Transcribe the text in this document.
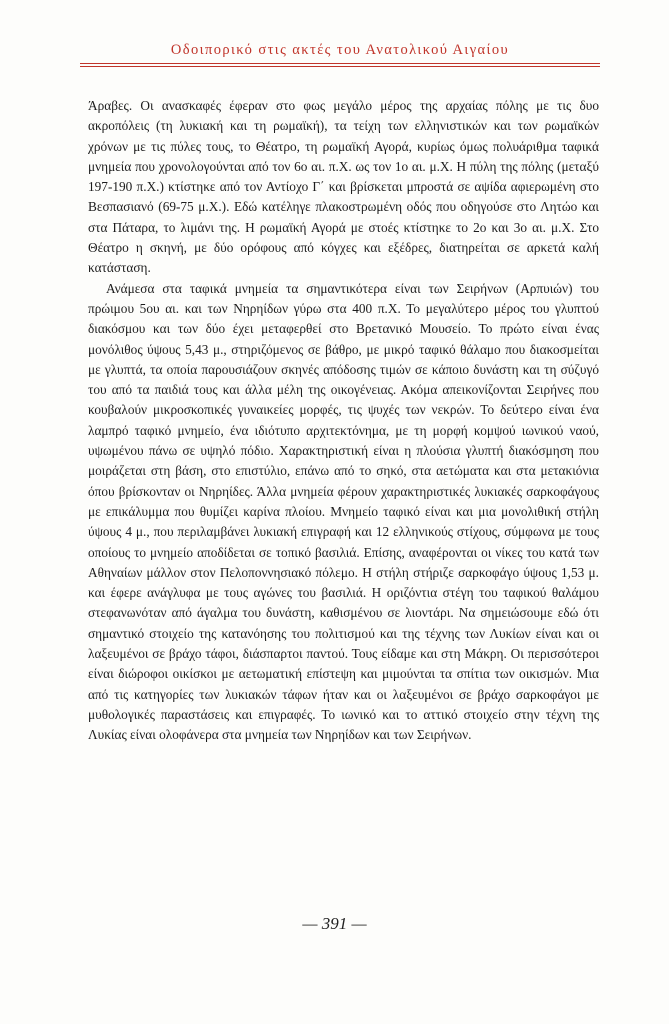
Οδοιπορικό στις ακτές του Ανατολικού Αιγαίου

Άραβες. Οι ανασκαφές έφεραν στο φως μεγάλο μέρος της αρχαίας πόλης με τις δυο ακροπόλεις (τη λυκιακή και τη ρωμαϊκή), τα τείχη των ελληνιστικών και των ρωμαϊκών χρόνων με τις πύλες τους, το Θέατρο, τη ρωμαϊκή Αγορά, κυρίως όμως πολυάριθμα ταφικά μνημεία που χρονολογούνται από τον 6ο αι. π.Χ. ως τον 1ο αι. μ.Χ. Η πύλη της πόλης (μεταξύ 197-190 π.Χ.) κτίστηκε από τον Αντίοχο Γ΄ και βρίσκεται μπροστά σε αψίδα αφιερωμένη στο Βεσπασιανό (69-75 μ.Χ.). Εδώ κατέληγε πλακοστρωμένη οδός που οδηγούσε στο Λητώο και στα Πάταρα, το λιμάνι της. Η ρωμαϊκή Αγορά με στοές κτίστηκε το 2ο και 3ο αι. μ.Χ. Στο Θέατρο η σκηνή, με δύο ορόφους από κόγχες και εξέδρες, διατηρείται σε αρκετά καλή κατάσταση.

Ανάμεσα στα ταφικά μνημεία τα σημαντικότερα είναι των Σειρήνων (Αρπυιών) του πρώιμου 5ου αι. και των Νηρηίδων γύρω στα 400 π.Χ. Το μεγαλύτερο μέρος του γλυπτού διακόσμου και των δύο έχει μεταφερθεί στο Βρετανικό Μουσείο. Το πρώτο είναι ένας μονόλιθος ύψους 5,43 μ., στηριζόμενος σε βάθρο, με μικρό ταφικό θάλαμο που διακοσμείται με γλυπτά, τα οποία παρουσιάζουν σκηνές απόδοσης τιμών σε κάποιο δυνάστη και τη σύζυγό του από τα παιδιά τους και άλλα μέλη της οικογένειας. Ακόμα απεικονίζονται Σειρήνες που κουβαλούν μικροσκοπικές γυναικείες μορφές, τις ψυχές των νεκρών. Το δεύτερο είναι ένα λαμπρό ταφικό μνημείο, ένα ιδιότυπο αρχιτεκτόνημα, με τη μορφή κομψού ιωνικού ναού, υψωμένου πάνω σε υψηλό πόδιο. Χαρακτηριστική είναι η πλούσια γλυπτή διακόσμηση που μοιράζεται στη βάση, στο επιστύλιο, επάνω από το σηκό, στα αετώματα και στα μετακιόνια όπου βρίσκονταν οι Νηρηίδες. Άλλα μνημεία φέρουν χαρακτηριστικές λυκιακές σαρκοφάγους με επικάλυμμα που θυμίζει καρίνα πλοίου. Μνημείο ταφικό είναι και μια μονολιθική στήλη ύψους 4 μ., που περιλαμβάνει λυκιακή επιγραφή και 12 ελληνικούς στίχους, σύμφωνα με τους οποίους το μνημείο αποδίδεται σε τοπικό βασιλιά. Επίσης, αναφέρονται οι νίκες του κατά των Αθηναίων μάλλον στον Πελοποννησιακό πόλεμο. Η στήλη στήριζε σαρκοφάγο ύψους 1,53 μ. και έφερε ανάγλυφα με τους αγώνες του βασιλιά. Η οριζόντια στέγη του ταφικού θαλάμου στεφανωνόταν από άγαλμα του δυνάστη, καθισμένου σε λιοντάρι. Να σημειώσουμε εδώ ότι σημαντικό στοιχείο της κατανόησης του πολιτισμού και της τέχνης των Λυκίων είναι και οι λαξευμένοι σε βράχο τάφοι, διάσπαρτοι παντού. Τους είδαμε και στη Μάκρη. Οι περισσότεροι είναι διώροφοι οικίσκοι με αετωματική επίστεψη και μιμούνται τα σπίτια των οικισμών. Μια από τις κατηγορίες των λυκιακών τάφων ήταν και οι λαξευμένοι σε βράχο σαρκοφάγοι με μυθολογικές παραστάσεις και επιγραφές. Το ιωνικό και το αττικό στοιχείο στην τέχνη της Λυκίας είναι ολοφάνερα στα μνημεία των Νηρηίδων και των Σειρήνων.

— 391 —
